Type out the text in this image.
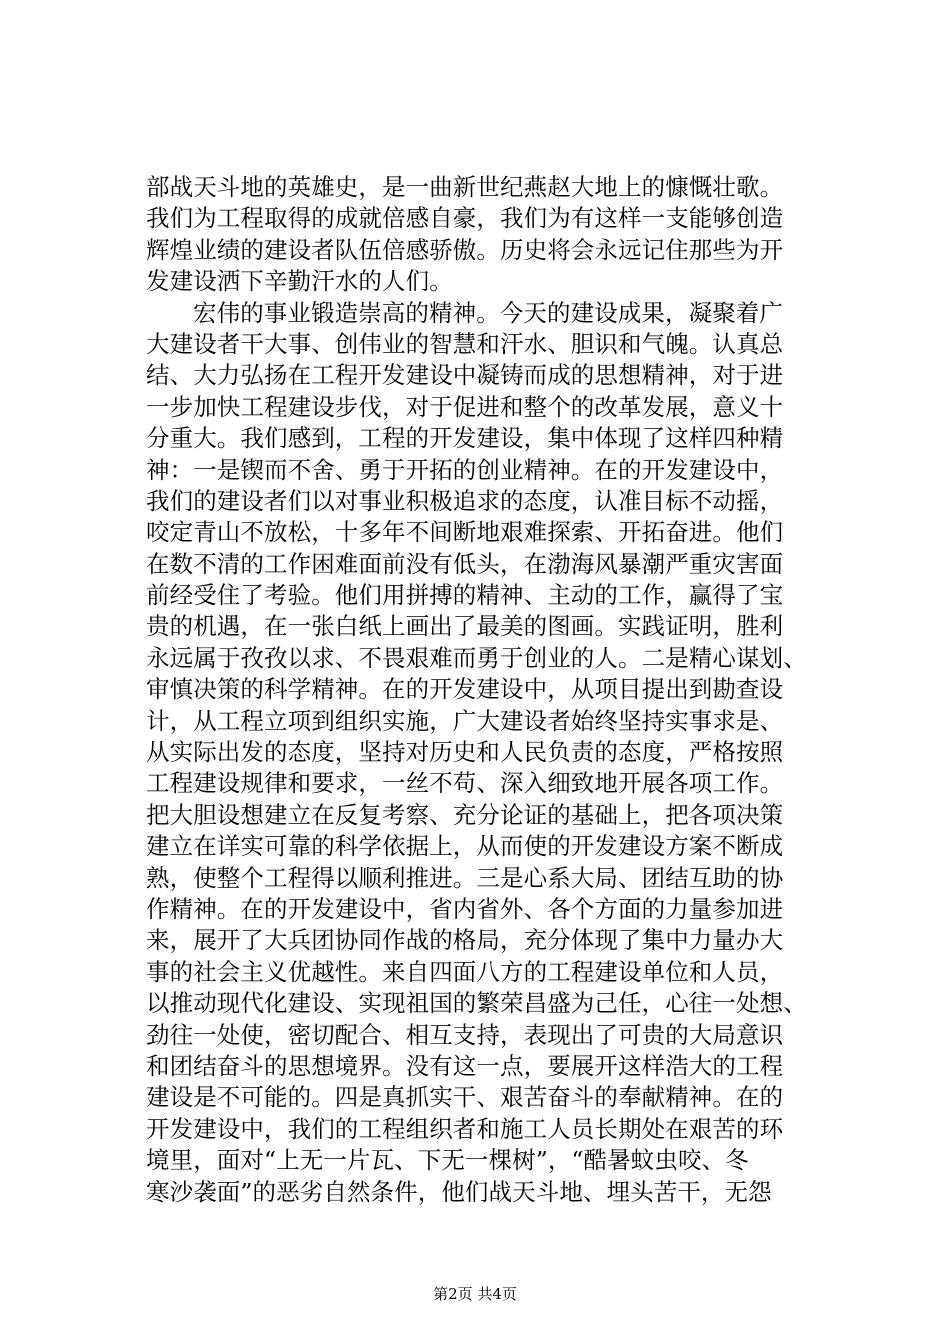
部战天斗地的英雄史，是一曲新世纪燕赵大地上的慷慨壮歌。
我们为工程取得的成就倍感自豪，我们为有这样一支能够创造
辉煌业绩的建设者队伍倍感骄傲。历史将会永远记住那些为开
发建设洒下辛勤汗水的人们。
宏伟的事业锻造崇高的精神。今天的建设成果，凝聚着广
大建设者干大事、创伟业的智慧和汗水、胆识和气魄。认真总
结、大力弘扬在工程开发建设中凝铸而成的思想精神，对于进
一步加快工程建设步伐，对于促进和整个的改革发展，意义十
分重大。我们感到，工程的开发建设，集中体现了这样四种精
神：一是锲而不舍、勇于开拓的创业精神。在的开发建设中，
我们的建设者们以对事业积极追求的态度，认准目标不动摇，
咬定青山不放松，十多年不间断地艰难探索、开拓奋进。他们
在数不清的工作困难面前没有低头，在渤海风暴潮严重灾害面
前经受住了考验。他们用拼搏的精神、主动的工作，赢得了宝
贵的机遇，在一张白纸上画出了最美的图画。实践证明，胜利
永远属于孜孜以求、不畏艰难而勇于创业的人。二是精心谋划、
审慎决策的科学精神。在的开发建设中，从项目提出到勘查设
计，从工程立项到组织实施，广大建设者始终坚持实事求是、
从实际出发的态度，坚持对历史和人民负责的态度，严格按照
工程建设规律和要求，一丝不苟、深入细致地开展各项工作。
把大胆设想建立在反复考察、充分论证的基础上，把各项决策
建立在详实可靠的科学依据上，从而使的开发建设方案不断成
熟，使整个工程得以顺利推进。三是心系大局、团结互助的协
作精神。在的开发建设中，省内省外、各个方面的力量参加进
来，展开了大兵团协同作战的格局，充分体现了集中力量办大
事的社会主义优越性。来自四面八方的工程建设单位和人员，
以推动现代化建设、实现祖国的繁荣昌盛为己任，心往一处想、
劲往一处使，密切配合、相互支持，表现出了可贵的大局意识
和团结奋斗的思想境界。没有这一点，要展开这样浩大的工程
建设是不可能的。四是真抓实干、艰苦奋斗的奉献精神。在的
开发建设中，我们的工程组织者和施工人员长期处在艰苦的环
境里，面对“上无一片瓦、下无一棵树”，“酷暑蚊虫咬、冬
寒沙袭面”的恶劣自然条件，他们战天斗地、埋头苦干，无怨
第2页 共4页
